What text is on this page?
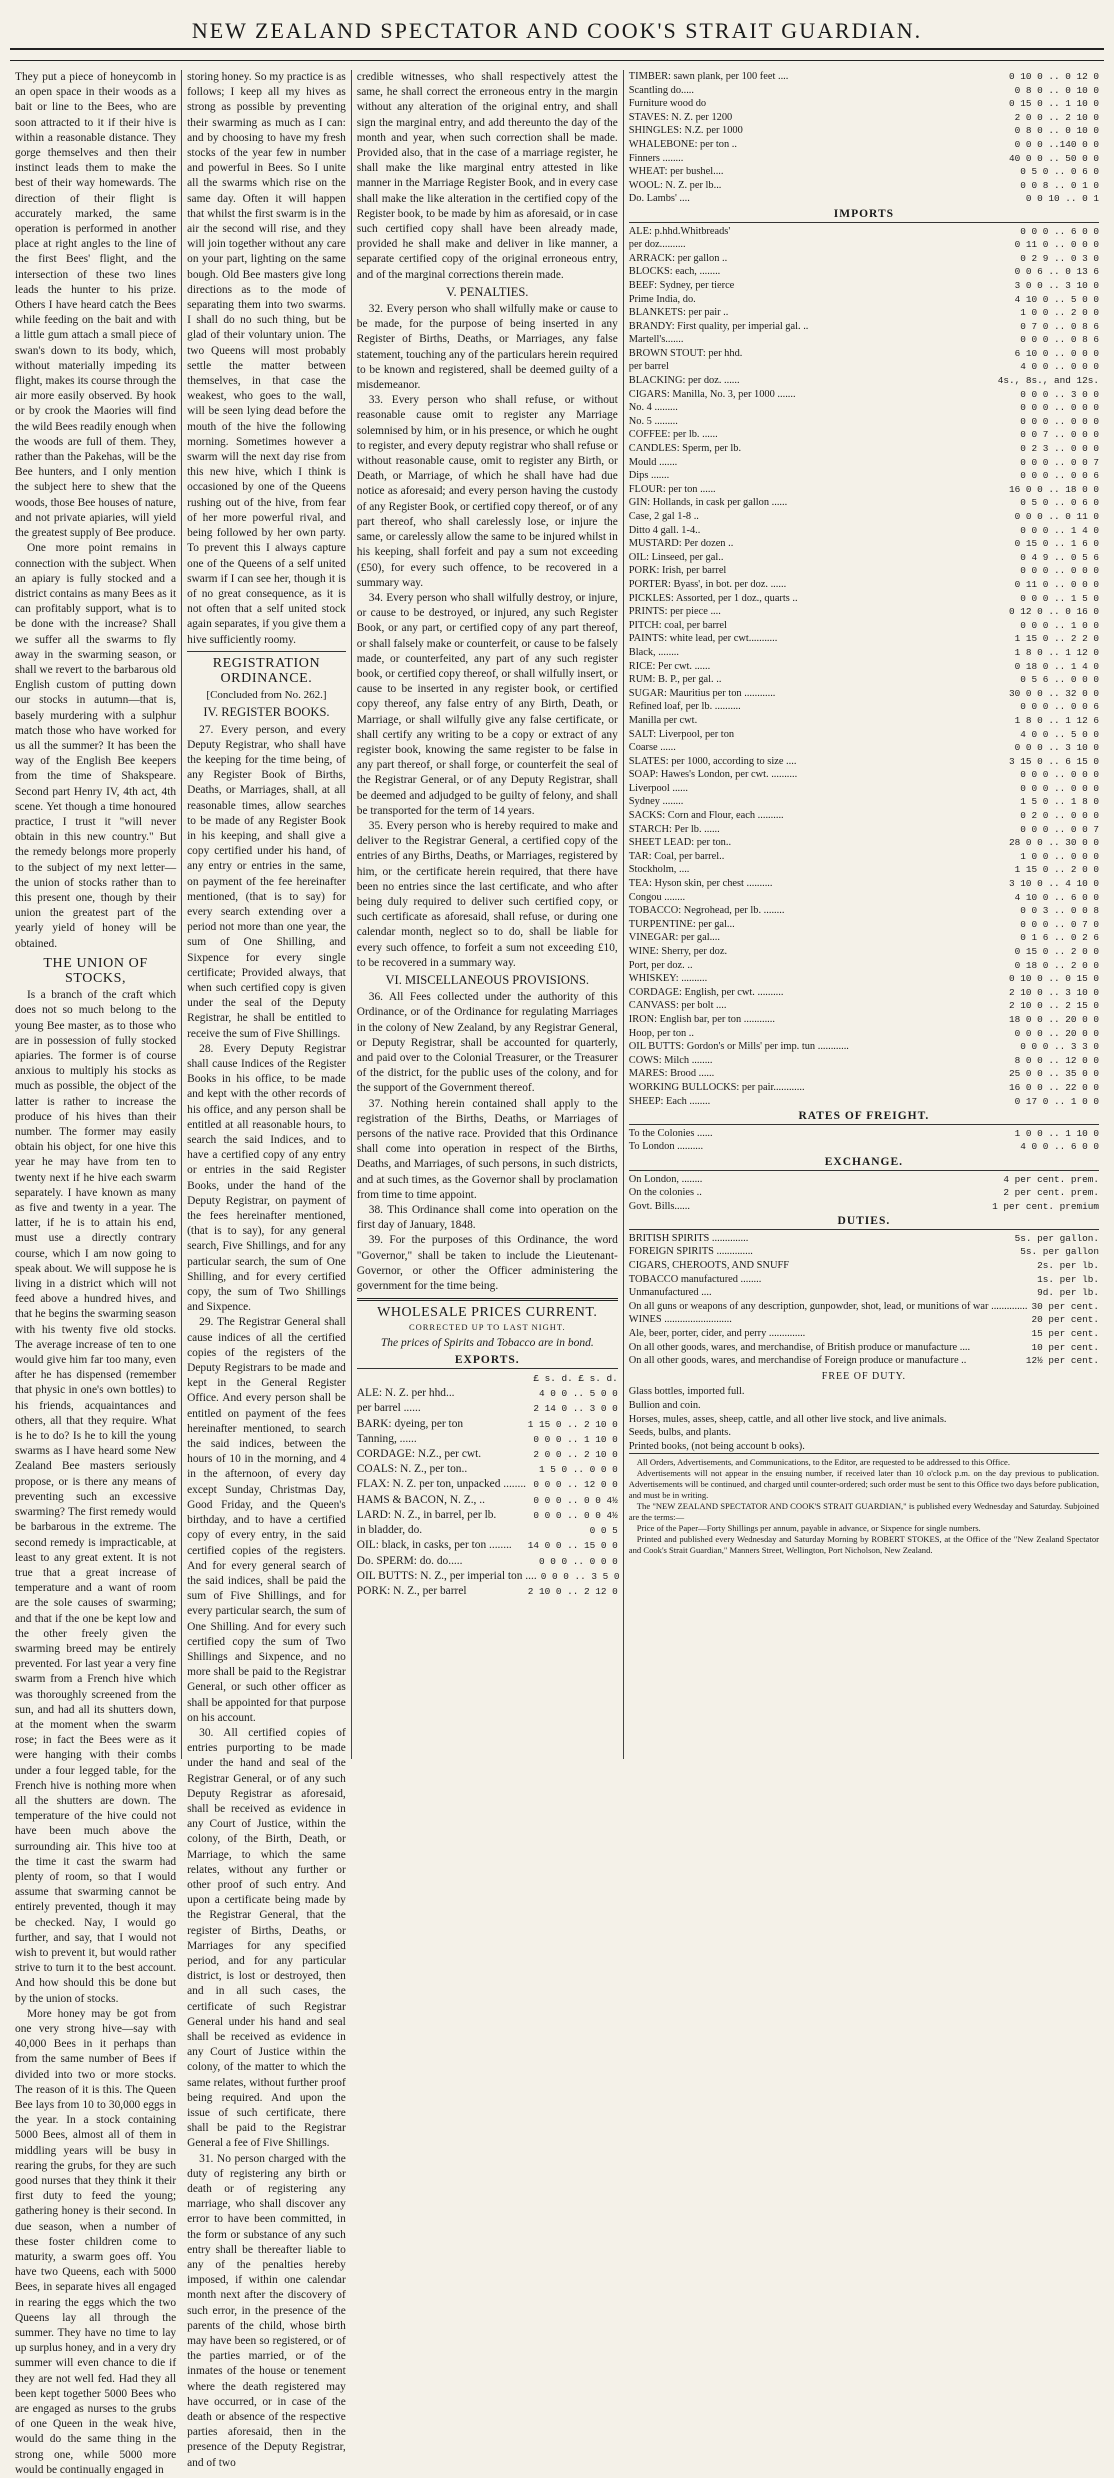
NEW ZEALAND SPECTATOR AND COOK'S STRAIT GUARDIAN.

They put a piece of honeycomb in an open space in their woods as a bait or line to the Bees, who are soon attracted to it if their hive is within a reasonable distance. They gorge themselves and then their instinct leads them to make the best of their way homewards. The direction of their flight is accurately marked, the same operation is performed in another place at right angles to the line of the first Bees' flight, and the intersection of these two lines leads the hunter to his prize. Others I have heard catch the Bees while feeding on the bait and with a little gum attach a small piece of swan's down to its body, which, without materially impeding its flight, makes its course through the air more easily observed. By hook or by crook the Maories will find the wild Bees readily enough when the woods are full of them. They, rather than the Pakehas, will be the Bee hunters, and I only mention the subject here to shew that the woods, those Bee houses of nature, and not private apiaries, will yield the greatest supply of Bee produce.

One more point remains in connection with the subject. When an apiary is fully stocked and a district contains as many Bees as it can profitably support, what is to be done with the increase? Shall we suffer all the swarms to fly away in the swarming season, or shall we revert to the barbarous old English custom of putting down our stocks in autumn—that is, basely murdering with a sulphur match those who have worked for us all the summer? It has been the way of the English Bee keepers from the time of Shakspeare. Second part Henry IV, 4th act, 4th scene. Yet though a time honoured practice, I trust it "will never obtain in this new country." But the remedy belongs more properly to the subject of my next letter—the union of stocks rather than to this present one, though by their union the greatest part of the yearly yield of honey will be obtained.

THE UNION OF STOCKS,

Is a branch of the craft which does not so much belong to the young Bee master, as to those who are in possession of fully stocked apiaries. The former is of course anxious to multiply his stocks as much as possible, the object of the latter is rather to increase the produce of his hives than their number. The former may easily obtain his object, for one hive this year he may have from ten to twenty next if he hive each swarm separately. I have known as many as five and twenty in a year. The latter, if he is to attain his end, must use a directly contrary course, which I am now going to speak about. We will suppose he is living in a district which will not feed above a hundred hives, and that he begins the swarming season with his twenty five old stocks. The average increase of ten to one would give him far too many, even after he has dispensed (remember that physic in one's own bottles) to his friends, acquaintances and others, all that they require. What is he to do? Is he to kill the young swarms as I have heard some New Zealand Bee masters seriously propose, or is there any means of preventing such an excessive swarming? The first remedy would be barbarous in the extreme. The second remedy is impracticable, at least to any great extent. It is not true that a great increase of temperature and a want of room are the sole causes of swarming; and that if the one be kept low and the other freely given the swarming breed may be entirely prevented. For last year a very fine swarm from a French hive which was thoroughly screened from the sun, and had all its shutters down, at the moment when the swarm rose; in fact the Bees were as it were hanging with their combs under a four legged table, for the French hive is nothing more when all the shutters are down. The temperature of the hive could not have been much above the surrounding air. This hive too at the time it cast the swarm had plenty of room, so that I would assume that swarming cannot be entirely prevented, though it may be checked. Nay, I would go further, and say, that I would not wish to prevent it, but would rather strive to turn it to the best account. And how should this be done but by the union of stocks.

More honey may be got from one very strong hive—say with 40,000 Bees in it perhaps than from the same number of Bees if divided into two or more stocks. The reason of it is this. The Queen Bee lays from 10 to 30,000 eggs in the year. In a stock containing 5000 Bees, almost all of them in middling years will be busy in rearing the grubs, for they are such good nurses that they think it their first duty to feed the young; gathering honey is their second. In due season, when a number of these foster children come to maturity, a swarm goes off. You have two Queens, each with 5000 Bees, in separate hives all engaged in rearing the eggs which the two Queens lay all through the summer. They have no time to lay up surplus honey, and in a very dry summer will even chance to die if they are not well fed. Had they all been kept together 5000 Bees who are engaged as nurses to the grubs of one Queen in the weak hive, would do the same thing in the strong one, while 5000 more would be continually engaged in

storing honey. So my practice is as follows; I keep all my hives as strong as possible by preventing their swarming as much as I can: and by choosing to have my fresh stocks of the year few in number and powerful in Bees. So I unite all the swarms which rise on the same day. Often it will happen that whilst the first swarm is in the air the second will rise, and they will join together without any care on your part, lighting on the same bough. Old Bee masters give long directions as to the mode of separating them into two swarms. I shall do no such thing, but be glad of their voluntary union. The two Queens will most probably settle the matter between themselves, in that case the weakest, who goes to the wall, will be seen lying dead before the mouth of the hive the following morning. Sometimes however a swarm will the next day rise from this new hive, which I think is occasioned by one of the Queens rushing out of the hive, from fear of her more powerful rival, and being followed by her own party. To prevent this I always capture one of the Queens of a self united swarm if I can see her, though it is of no great consequence, as it is not often that a self united stock again separates, if you give them a hive sufficiently roomy.

REGISTRATION ORDINANCE.
[Concluded from No. 262.]
IV. REGISTER BOOKS.

27. Every person, and every Deputy Registrar, who shall have the keeping for the time being, of any Register Book of Births, Deaths, or Marriages, shall, at all reasonable times, allow searches to be made of any Register Book in his keeping, and shall give a copy certified under his hand, of any entry or entries in the same, on payment of the fee hereinafter mentioned, (that is to say) for every search extending over a period not more than one year, the sum of One Shilling, and Sixpence for every single certificate; Provided always, that when such certified copy is given under the seal of the Deputy Registrar, he shall be entitled to receive the sum of Five Shillings.

28. Every Deputy Registrar shall cause Indices of the Register Books in his office, to be made and kept with the other records of his office, and any person shall be entitled at all reasonable hours, to search the said Indices, and to have a certified copy of any entry or entries in the said Register Books, under the hand of the Deputy Registrar, on payment of the fees hereinafter mentioned, (that is to say), for any general search, Five Shillings, and for any particular search, the sum of One Shilling, and for every certified copy, the sum of Two Shillings and Sixpence.

29. The Registrar General shall cause indices of all the certified copies of the registers of the Deputy Registrars to be made and kept in the General Register Office. And every person shall be entitled on payment of the fees hereinafter mentioned, to search the said indices, between the hours of 10 in the morning, and 4 in the afternoon, of every day except Sunday, Christmas Day, Good Friday, and the Queen's birthday, and to have a certified copy of every entry, in the said certified copies of the registers. And for every general search of the said indices, shall be paid the sum of Five Shillings, and for every particular search, the sum of One Shilling. And for every such certified copy the sum of Two Shillings and Sixpence, and no more shall be paid to the Registrar General, or such other officer as shall be appointed for that purpose on his account.

30. All certified copies of entries purporting to be made under the hand and seal of the Registrar General, or of any such Deputy Registrar as aforesaid, shall be received as evidence in any Court of Justice, within the colony, of the Birth, Death, or Marriage, to which the same relates, without any further or other proof of such entry. And upon a certificate being made by the Registrar General, that the register of Births, Deaths, or Marriages for any specified period, and for any particular district, is lost or destroyed, then and in all such cases, the certificate of such Registrar General under his hand and seal shall be received as evidence in any Court of Justice within the colony, of the matter to which the same relates, without further proof being required. And upon the issue of such certificate, there shall be paid to the Registrar General a fee of Five Shillings.

31. No person charged with the duty of registering any birth or death or of registering any marriage, who shall discover any error to have been committed, in the form or substance of any such entry shall be thereafter liable to any of the penalties hereby imposed, if within one calendar month next after the discovery of such error, in the presence of the parents of the child, whose birth may have been so registered, or of the parties married, or of the inmates of the house or tenement where the death registered may have occurred, or in case of the death or absence of the respective parties aforesaid, then in the presence of the Deputy Registrar, and of two

credible witnesses, who shall respectively attest the same, he shall correct the erroneous entry in the margin without any alteration of the original entry, and shall sign the marginal entry, and add thereunto the day of the month and year, when such correction shall be made. Provided also, that in the case of a marriage register, he shall make the like marginal entry attested in like manner in the Marriage Register Book, and in every case shall make the like alteration in the certified copy of the Register book, to be made by him as aforesaid, or in case such certified copy shall have been already made, provided he shall make and deliver in like manner, a separate certified copy of the original erroneous entry, and of the marginal corrections therein made.

V. PENALTIES.

32. Every person who shall wilfully make or cause to be made, for the purpose of being inserted in any Register of Births, Deaths, or Marriages, any false statement, touching any of the particulars herein required to be known and registered, shall be deemed guilty of a misdemeanor.

33. Every person who shall refuse, or without reasonable cause omit to register any Marriage solemnised by him, or in his presence, or which he ought to register, and every deputy registrar who shall refuse or without reasonable cause, omit to register any Birth, or Death, or Marriage, of which he shall have had due notice as aforesaid; and every person having the custody of any Register Book, or certified copy thereof, or of any part thereof, who shall carelessly lose, or injure the same, or carelessly allow the same to be injured whilst in his keeping, shall forfeit and pay a sum not exceeding (£50), for every such offence, to be recovered in a summary way.

34. Every person who shall wilfully destroy, or injure, or cause to be destroyed, or injured, any such Register Book, or any part, or certified copy of any part thereof, or shall falsely make or counterfeit, or cause to be falsely made, or counterfeited, any part of any such register book, or certified copy thereof, or shall wilfully insert, or cause to be inserted in any register book, or certified copy thereof, any false entry of any Birth, Death, or Marriage, or shall wilfully give any false certificate, or shall certify any writing to be a copy or extract of any register book, knowing the same register to be false in any part thereof, or shall forge, or counterfeit the seal of the Registrar General, or of any Deputy Registrar, shall be deemed and adjudged to be guilty of felony, and shall be transported for the term of 14 years.

35. Every person who is hereby required to make and deliver to the Registrar General, a certified copy of the entries of any Births, Deaths, or Marriages, registered by him, or the certificate herein required, that there have been no entries since the last certificate, and who after being duly required to deliver such certified copy, or such certificate as aforesaid, shall refuse, or during one calendar month, neglect so to do, shall be liable for every such offence, to forfeit a sum not exceeding £10, to be recovered in a summary way.

VI. MISCELLANEOUS PROVISIONS.

36. All Fees collected under the authority of this Ordinance, or of the Ordinance for regulating Marriages in the colony of New Zealand, by any Registrar General, or Deputy Registrar, shall be accounted for quarterly, and paid over to the Colonial Treasurer, or the Treasurer of the district, for the public uses of the colony, and for the support of the Government thereof.

37. Nothing herein contained shall apply to the registration of the Births, Deaths, or Marriages of persons of the native race. Provided that this Ordinance shall come into operation in respect of the Births, Deaths, and Marriages, of such persons, in such districts, and at such times, as the Governor shall by proclamation from time to time appoint.

38. This Ordinance shall come into operation on the first day of January, 1848.

39. For the purposes of this Ordinance, the word "Governor," shall be taken to include the Lieutenant-Governor, or other the Officer administering the government for the time being.

WHOLESALE PRICES CURRENT.
CORRECTED UP TO LAST NIGHT.
The prices of Spirits and Tobacco are in bond.
EXPORTS.
£ s. d. £ s. d.
ALE: N. Z. per hhd...	4 0 0 .. 5 0 0
per barrel ......	2 14 0 .. 3 0 0
BARK: dyeing, per ton	1 15 0 .. 2 10 0
Tanning, ......	0 0 0 .. 1 10 0
CORDAGE: N.Z., per cwt.	2 0 0 .. 2 10 0
COALS: N. Z., per ton..	1 5 0 .. 0 0 0
FLAX: N. Z. per ton, unpacked ........ 0 0 0 .. 12 0 0
HAMS & BACON, N. Z., ..	0 0 0 .. 0 0 4½
LARD: N. Z., in barrel, per lb.	0 0 0 .. 0 0 4½
in bladder, do.	0 0 5
OIL: black, in casks, per ton ........	14 0 0 .. 15 0 0
Do. SPERM: do. do.....	0 0 0 .. 0 0 0
OIL BUTTS: N. Z., per imperial ton .... 0 0 0 .. 3 5 0
PORK: N. Z., per barrel	2 10 0 .. 2 12 0
TIMBER: sawn plank, per 100 feet ....	0 10 0 .. 0 12 0
Scantling do.....	0 8 0 .. 0 10 0
Furniture wood do	0 15 0 .. 1 10 0
STAVES: N. Z. per 1200	2 0 0 .. 2 10 0
SHINGLES: N.Z. per 1000	0 8 0 .. 0 10 0
WHALEBONE: per ton ..	0 0 0 ..140 0 0
Finners ........	40 0 0 .. 50 0 0
WHEAT: per bushel....	0 5 0 .. 0 6 0
WOOL: N. Z. per lb...	0 0 8 .. 0 1 0
Do. Lambs' ....	0 0 10 .. 0 1
IMPORTS
ALE: p.hhd.Whitbreads'	0 0 0 .. 6 0 0
per doz..........	0 11 0 .. 0 0 0
ARRACK: per gallon ..	0 2 9 .. 0 3 0
BLOCKS: each, ........	0 0 6 .. 0 13 6
BEEF: Sydney, per tierce	3 0 0 .. 3 10 0
Prime India, do.	4 10 0 .. 5 0 0
BLANKETS: per pair ..	1 0 0 .. 2 0 0
BRANDY: First quality, per imperial gal. ..	0 7 0 .. 0 8 6
Martell's.......	0 0 0 .. 0 8 6
BROWN STOUT: per hhd.	6 10 0 .. 0 0 0
per barrel	4 0 0 .. 0 0 0
BLACKING: per doz. ......	4s., 8s., and 12s.
CIGARS: Manilla, No. 3, per 1000 .......	0 0 0 .. 3 0 0
No. 4 .........	0 0 0 .. 0 0 0
No. 5 .........	0 0 0 .. 0 0 0
COFFEE: per lb. ......	0 0 7 .. 0 0 0
CANDLES: Sperm, per lb.	0 2 3 .. 0 0 0
Mould .......	0 0 0 .. 0 0 7
Dips .......	0 0 0 .. 0 0 6
FLOUR: per ton ......	16 0 0 .. 18 0 0
GIN: Hollands, in cask per gallon ......	0 5 0 .. 0 6 0
Case, 2 gal 1-8 ..	0 0 0 .. 0 11 0
Ditto 4 gall. 1-4..	0 0 0 .. 1 4 0
MUSTARD: Per dozen ..	0 15 0 .. 1 6 0
OIL: Linseed, per gal..	0 4 9 .. 0 5 6
PORK: Irish, per barrel	0 0 0 .. 0 0 0
PORTER: Byass', in bot. per doz. ......	0 11 0 .. 0 0 0
PICKLES: Assorted, per 1 doz., quarts ..	0 0 0 .. 1 5 0
PRINTS: per piece ....	0 12 0 .. 0 16 0
PITCH: coal, per barrel	0 0 0 .. 1 0 0
PAINTS: white lead, per cwt...........	1 15 0 .. 2 2 0
Black, ........	1 8 0 .. 1 12 0
RICE: Per cwt. ......	0 18 0 .. 1 4 0
RUM: B. P., per gal. ..	0 5 6 .. 0 0 0
SUGAR: Mauritius per ton ............	30 0 0 .. 32 0 0
Refined loaf, per lb. ..........	0 0 0 .. 0 0 6
Manilla per cwt.	1 8 0 .. 1 12 6
SALT: Liverpool, per ton	4 0 0 .. 5 0 0
Coarse ......	0 0 0 .. 3 10 0
SLATES: per 1000, according to size ....	3 15 0 .. 6 15 0
SOAP: Hawes's London, per cwt. ..........	0 0 0 .. 0 0 0
Liverpool ......	0 0 0 .. 0 0 0
Sydney ........	1 5 0 .. 1 8 0
SACKS: Corn and Flour, each ..........	0 2 0 .. 0 0 0
STARCH: Per lb. ......	0 0 0 .. 0 0 7
SHEET LEAD: per ton..	28 0 0 .. 30 0 0
TAR: Coal, per barrel..	1 0 0 .. 0 0 0
Stockholm, ....	1 15 0 .. 2 0 0
TEA: Hyson skin, per chest ..........	3 10 0 .. 4 10 0
Congou ........	4 10 0 .. 6 0 0
TOBACCO: Negrohead, per lb. ........	0 0 3 .. 0 0 8
TURPENTINE: per gal...	0 0 0 .. 0 7 0
VINEGAR: per gal....	0 1 6 .. 0 2 6
WINE: Sherry, per doz.	0 15 0 .. 2 0 0
Port, per doz. ..	0 18 0 .. 2 0 0
WHISKEY: ..........	0 10 0 .. 0 15 0
CORDAGE: English, per cwt. ..........	2 10 0 .. 3 10 0
CANVASS: per bolt ....	2 10 0 .. 2 15 0
IRON: English bar, per ton ............	18 0 0 .. 20 0 0
Hoop, per ton ..	0 0 0 .. 20 0 0
OIL BUTTS: Gordon's or Mills' per imp. tun ............	0 0 0 .. 3 3 0
COWS: Milch ........	8 0 0 .. 12 0 0
MARES: Brood ......	25 0 0 .. 35 0 0
WORKING BULLOCKS: per pair............	16 0 0 .. 22 0 0
SHEEP: Each ........	0 17 0 .. 1 0 0
RATES OF FREIGHT.
To the Colonies ......	1 0 0 .. 1 10 0
To London ..........	4 0 0 .. 6 0 0
EXCHANGE.
On London, ........	4 per cent. prem.
On the colonies ..	2 per cent. prem.
Govt. Bills......	1 per cent. premium
DUTIES.
BRITISH SPIRITS ..............	5s. per gallon.
FOREIGN SPIRITS ..............	5s. per gallon
CIGARS, CHEROOTS, AND SNUFF	2s. per lb.
TOBACCO manufactured ........	1s. per lb.
Unmanufactured ....	9d. per lb.
On all guns or weapons of any description, gunpowder, shot, lead, or munitions of war .............. 30 per cent.
WINES ..........................	20 per cent.
Ale, beer, porter, cider, and perry ..............	15 per cent.
On all other goods, wares, and merchandise, of British produce or manufacture ....	10 per cent.
On all other goods, wares, and merchandise of Foreign produce or manufacture ..	12½ per cent.
FREE OF DUTY.
Glass bottles, imported full.
Bullion and coin.
Horses, mules, asses, sheep, cattle, and all other live stock, and live animals.
Seeds, bulbs, and plants.
Printed books, (not being account b ooks).

All Orders, Advertisements, and Communications, to the Editor, are requested to be addressed to this Office.

Advertisements will not appear in the ensuing number, if received later than 10 o'clock p.m. on the day previous to publication. Advertisements will be continued, and charged until counter-ordered; such order must be sent to this Office two days before publication, and must be in writing.

The "NEW ZEALAND SPECTATOR AND COOK'S STRAIT GUARDIAN," is published every Wednesday and Saturday. Subjoined are the terms:—

Price of the Paper—Forty Shillings per annum, payable in advance, or Sixpence for single numbers.

Printed and published every Wednesday and Saturday Morning by ROBERT STOKES, at the Office of the "New Zealand Spectator and Cook's Strait Guardian," Manners Street, Wellington, Port Nicholson, New Zealand.
